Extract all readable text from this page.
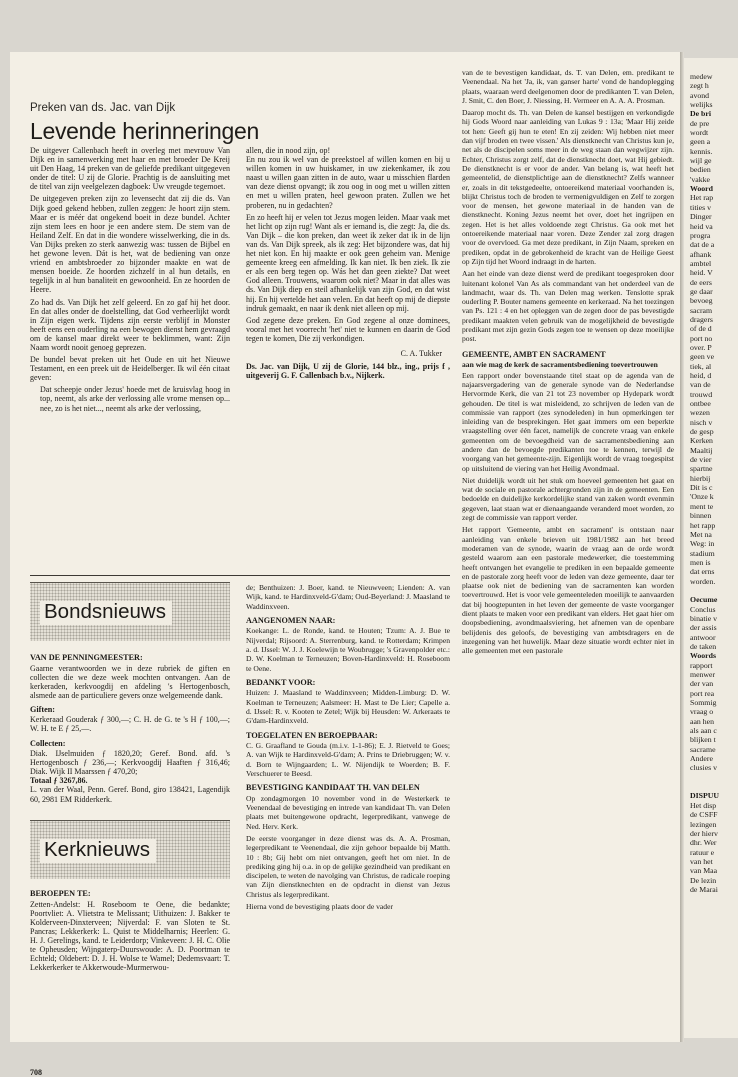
Preken van ds. Jac. van Dijk
Levende herinneringen

De uitgever Callenbach heeft in overleg met mevrouw Van Dijk en in samenwerking met haar en met broeder De Kreij uit Den Haag, 14 preken van de geliefde predikant uitgegeven onder de titel: U zij de Glorie. Prachtig is de aansluiting met de titel van zijn veelgelezen dagboek: Uw vreugde tegemoet.

De uitgegeven preken zijn zo levensecht dat zij die ds. Van Dijk goed gekend hebben, zullen zeggen: Je hoort zijn stem. Maar er is méér dat ongekend boeit in deze bundel. Achter zijn stem lees en hoor je een andere stem. De stem van de Heiland Zelf. En dat in die wondere wisselwerking, die in ds. Van Dijks preken zo sterk aanwezig was: tussen de Bijbel en het gewone leven. Dát is het, wat de bediening van onze vriend en ambtsbroeder zo bijzonder maakte en wat de mensen boeide. Ze hoorden zichzelf in al hun details, en tegelijk in al hun banaliteit en gewoonheid. En ze hoorden de Heere.

Zo had ds. Van Dijk het zelf geleerd. En zo gaf hij het door. En dat alles onder de doelstelling, dat God verheerlijkt wordt in Zijn eigen werk. Tijdens zijn eerste verblijf in Monster heeft eens een ouderling na een bewogen dienst hem gevraagd om de kansel maar direkt weer te beklimmen, want: Zijn Naam wordt nooit genoeg geprezen.

De bundel bevat preken uit het Oude en uit het Nieuwe Testament, en een preek uit de Heidelberger. Ik wil één citaat geven:

Dat scheepje onder Jezus' hoede met de kruisvlag hoog in top, neemt, als arke der verlossing alle vrome mensen op... nee, zo is het niet..., neemt als arke der verlossing,

allen, die in nood zijn, op!
En nu zou ik wel van de preekstoel af willen komen en bij u willen komen in uw huiskamer, in uw ziekenkamer, ik zou naast u willen gaan zitten in de auto, waar u misschien flarden van deze dienst opvangt; ik zou oog in oog met u willen zitten en met u willen praten, heel gewoon praten. Zullen we het proberen, nu in gedachten?

En zo heeft hij er velen tot Jezus mogen leiden. Maar vaak met het licht op zijn rug! Want als er iemand is, die zegt: Ja, die ds. Van Dijk – die kon preken, dan weet ik zeker dat ik in de lijn van ds. Van Dijk spreek, als ik zeg: Het bijzondere was, dat hij het niet kon. En hij maakte er ook geen geheim van. Menige gemeente kreeg een afmelding. Ik kan niet. Ik ben ziek. Ik zie er als een berg tegen op. Wás het dan geen ziekte? Dat weet God alleen. Trouwens, waarom ook niet? Maar in dat alles was ds. Van Dijk diep en steil afhankelijk van zijn God, en dat wist hij. En hij vertelde het aan velen. En dat heeft op mij de diepste indruk gemaakt, en naar ik denk niet alleen op mij.

God zegene deze preken. En God zegene al onze dominees, vooral met het voorrecht 'het' niet te kunnen en daarin de God tegen te komen, Die zij verkondigen.

C. A. Tukker

Ds. Jac. van Dijk, U zij de Glorie, 144 blz., ing., prijs f , uitgeverij G. F. Callenbach b.v., Nijkerk.

Bondsnieuws
VAN DE PENNINGMEESTER:

Gaarne verantwoorden we in deze rubriek de giften en collecten die we deze week mochten ontvangen. Aan de kerkeraden, kerkvoogdij en afdeling 's Hertogenbosch, alsmede aan de particuliere gevers onze welgemeende dank.

Giften:

Kerkeraad Gouderak ƒ 300,—; C. H. de G. te 's H ƒ 100,—; W. H. te E ƒ 25,—.

Collecten:

Diak. IJselmuiden ƒ 1820,20; Geref. Bond. afd. 's Hertogenbosch ƒ 236,—; Kerkvoogdij Haaften ƒ 316,46; Diak. Wijk II Maarssen ƒ 470,20;

Totaal ƒ 3267,86.

L. van der Waal, Penn. Geref. Bond, giro 138421, Lagendijk 60, 2981 EM Ridderkerk.

Kerknieuws
BEROEPEN TE:

Zetten-Andelst: H. Roseboom te Oene, die bedankte; Poortvliet: A. Vlietstra te Melissant; Uithuizen: J. Bakker te Kolderveen-Dinxterveen; Nijverdal: F. van Sloten te St. Pancras; Lekkerkerk: L. Quist te Middelharnis; Heerlen: G. H. J. Gerelings, kand. te Leiderdorp; Vinkeveen: J. H. C. Olie te Opheusden; Wijngaterp-Duurswoude: A. D. Poortman te Echteld; Oldebert: D. J. H. Wolse te Wamel; Dedemsvaart: T. Lekkerkerker te Akkerwoude-Murmerwou-

de; Benthuizen: J. Boer, kand. te Nieuwveen; Lienden: A. van Wijk, kand. te Hardinxveld-G'dam; Oud-Beyerland: J. Maasland te Waddinxveen.

AANGENOMEN NAAR:

Koekange: L. de Ronde, kand. te Houten; Tzum: A. J. Bue te Nijverdal; Rijsoord: A. Sterrenburg, kand. te Rotterdam; Krimpen a. d. IJssel: W. J. J. Koelewijn te Woubrugge; 's Gravenpolder etc.: D. W. Koelman te Terneuzen; Boven-Hardinxveld: H. Roseboom te Oene.

BEDANKT VOOR:

Huizen: J. Maasland te Waddinxveen; Midden-Limburg: D. W. Koelman te Terneuzen; Aalsmeer: H. Mast te De Lier; Capelle a. d. IJssel: R. v. Kooten te Zetel; Wijk bij Heusden: W. Arkeraats te G'dam-Hardinxveld.

TOEGELATEN EN BEROEPBAAR:

C. G. Graafland te Gouda (m.i.v. 1-1-86); E. J. Rietveld te Goes; A. van Wijk te Hardinxveld-G'dam; A. Prins te Driebruggen; W. v. d. Born te Wijngaarden; L. W. Nijendijk te Woerden; B. F. Verschuerer te Beesd.

BEVESTIGING KANDIDAAT TH. VAN DELEN

Op zondagmorgen 10 november vond in de Westerkerk te Veenendaal de bevestiging en intrede van kandidaat Th. van Delen plaats met buitengewone opdracht, legerpredikant, vanwege de Ned. Herv. Kerk.

De eerste voorganger in deze dienst was ds. A. A. Prosman, legerpredikant te Veenendaal, die zijn gehoor bepaalde bij Matth. 10 : 8b; Gij hebt om niet ontvangen, geeft het om niet. In de prediking ging hij o.a. in op de gelijke gezindheid van predikant en discipelen, te weten de navolging van Christus, de radicale roeping van Zijn dienstknechten en de opdracht in dienst van Jezus Christus als legerpredikant.

Hierna vond de bevestiging plaats door de vader

van de te bevestigen kandidaat, ds. T. van Delen, em. predikant te Veenendaal. Na het 'Ja, ik, van ganser harte' vond de handoplegging plaats, waaraan werd deelgenomen door de predikanten T. van Delen, J. Smit, C. den Boer, J. Niessing, H. Vermeer en A. A. A. Prosman.

Daarop mocht ds. Th. van Delen de kansel bestijgen en verkondigde hij Gods Woord naar aanleiding van Lukas 9 : 13a; 'Maar Hij zeide tot hen: Geeft gij hun te eten! En zij zeiden: Wij hebben niet meer dan vijf broden en twee vissen.' Als dienstknecht van Christus kun je, net als de discipelen soms meer in de weg staan dan wegwijzer zijn. Echter, Christus zorgt zelf, dat de dienstknecht doet, wat Hij gebiedt. De dienstknecht is er voor de ander. Van belang is, wat heeft het gemeentelid, de dienstplichtige aan de dienstknecht? Zelfs wanneer er, zoals in dit tekstgedeelte, ontoereikend materiaal voorhanden is, blijkt Christus toch de broden te vermenigvuldigen en Zelf te zorgen voor de mensen, het gewone materiaal in de handen van de dienstknecht. Koning Jezus neemt het over, doet het ingrijpen en zegen. Het is het alles voldoende zegt Christus. Ga ook met het ontoereikende materiaal naar voren. Deze Zender zal zorg dragen voor de overvloed. Ga met deze predikant, in Zijn Naam, spreken en prediken, opdat in de gebrokenheid de kracht van de Heilige Geest op Zijn tijd het Woord indraagt in de harten.

Aan het einde van deze dienst werd de predikant toegesproken door luitenant kolonel Van As als commandant van het onderdeel van de landmacht, waar ds. Th. van Delen mag werken. Tenslotte sprak ouderling P. Bouter namens gemeente en kerkeraad. Na het toezingen van Ps. 121 : 4 en het opleggen van de zegen door de pas bevestigde predikant maakten velen gebruik van de mogelijkheid de bevestigde predikant met zijn gezin Gods zegen toe te wensen op deze moeilijke post.

GEMEENTE, AMBT EN SACRAMENT
aan wie mag de kerk de sacramentsbediening toevertrouwen

Een rapport onder bovenstaande titel staat op de agenda van de najaarsvergadering van de generale synode van de Nederlandse Hervormde Kerk, die van 21 tot 23 november op Hydepark wordt gehouden. De titel is wat misleidend, zo schrijven de leden van de commissie van rapport (zes synodeleden) in hun opmerkingen ter inleiding van de besprekingen. Het gaat immers om een beperkte vraagstelling over één facet, namelijk de concrete vraag van enkele gemeenten om de bevoegdheid van de sacramentsbediening aan andere dan de bevoegde predikanten toe te kennen, terwijl de voorgang van het gemeente-zijn. Eigenlijk wordt de vraag toegespitst op uitsluitend de viering van het Heilig Avondmaal.

Niet duidelijk wordt uit het stuk om hoeveel gemeenten het gaat en wat de sociale en pastorale achtergronden zijn in de gemeenten. Een bedoelde en duidelijke kerkordelijke stand van zaken wordt evenmin gegeven, laat staan wat er dienaangaande veranderd moet worden, zo zegt de commissie van rapport verder.

Het rapport 'Gemeente, ambt en sacrament' is ontstaan naar aanleiding van enkele brieven uit 1981/1982 aan het breed moderamen van de synode, waarin de vraag aan de orde wordt gesteld waarom aan een pastorale medewerker, die toestemming heeft ontvangen het evangelie te prediken in een bepaalde gemeente en de pastorale zorg heeft voor de leden van deze gemeente, daar ter plaatse ook niet de bediening van de sacramenten kan worden toevertrouwd. Het is voor vele gemeenteleden moeilijk te aanvaarden dat bij hoogtepunten in het leven der gemeente de vaste voorganger dient plaats te maken voor een predikant van elders. Het gaat hier om doopsbediening, avondmaalsviering, het afnemen van de openbare belijdenis des geloofs, de bevestiging van ambtsdragers en de inzegening van het huwelijk. Maar deze situatie wordt echter niet in alle gemeenten met een pastorale

708
medew
zegt h
avond
welijks
De bri
de pre
wordt
geen a
kennis.
wijl ge
bedien
'vakke
Woord
Het rap
tities v
Dinger
heid va
progra
dat de a
afhank
ambtel
heid. V
de eers
ge daar
bevoeg
sacram
dragers
of de d
port no
over. P
geen ve
tiek, al
heid, d
van de
trouwd
ontbee
wezen
nisch v
de gesp
Kerken
Maaltij
de vier
spartne
hierbij
Dit is c
'Onze k
ment te
binnen
het rapp
Met na
Weg: in
stadium
men is
dat erns
worden.

Oecume
Conclus
binatie v
der assis
antwoor
de taken
Woords
rapport
menwer
der van
port rea
Sommig
vraag o
aan hen
als aan c
blijken t
sacrame
Andere
clusies v

DISPUU
Het disp
de CSFF
lezingen
der hierv
dhr. Wer
ratuur e
van het
van Maa
De lezin
de Marai
